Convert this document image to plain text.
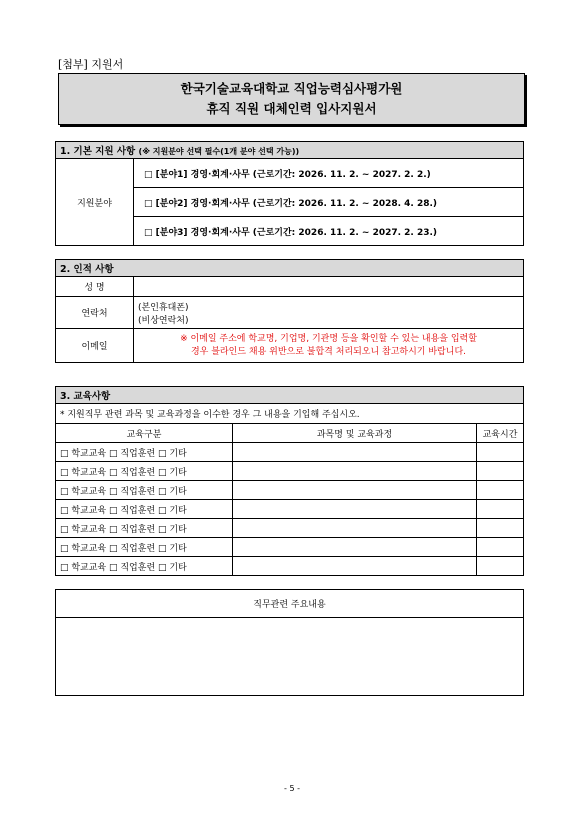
[첨부] 지원서
한국기술교육대학교 직업능력심사평가원
휴직 직원 대체인력 입사지원서
1. 기본 지원 사항 (※ 지원분야 선택 필수(1개 분야 선택 가능))
지원분야	□ [분야1] 경영·회계·사무 (근로기간: 2026. 11. 2. ~ 2027. 2. 2.)
□ [분야2] 경영·회계·사무 (근로기간: 2026. 11. 2. ~ 2028. 4. 28.)
□ [분야3] 경영·회계·사무 (근로기간: 2026. 11. 2. ~ 2027. 2. 23.)
2. 인적 사항	
성 명	
연락처	(본인휴대폰)
(비상연락처)

이메일	※ 이메일 주소에 학교명, 기업명, 기관명 등을 확인할 수 있는 내용을 입력할
경우 블라인드 채용 위반으로 불합격 처리되오니 참고하시기 바랍니다.
3. 교육사항		
* 지원직무 관련 과목 및 교육과정을 이수한 경우 그 내용을 기입해 주십시오.		
교육구분	과목명 및 교육과정	교육시간
□ 학교교육 □ 직업훈련 □ 기타		
□ 학교교육 □ 직업훈련 □ 기타		
□ 학교교육 □ 직업훈련 □ 기타		
□ 학교교육 □ 직업훈련 □ 기타		
□ 학교교육 □ 직업훈련 □ 기타		
□ 학교교육 □ 직업훈련 □ 기타		
□ 학교교육 □ 직업훈련 □ 기타		
직무관련 주요내용

- 5 -
